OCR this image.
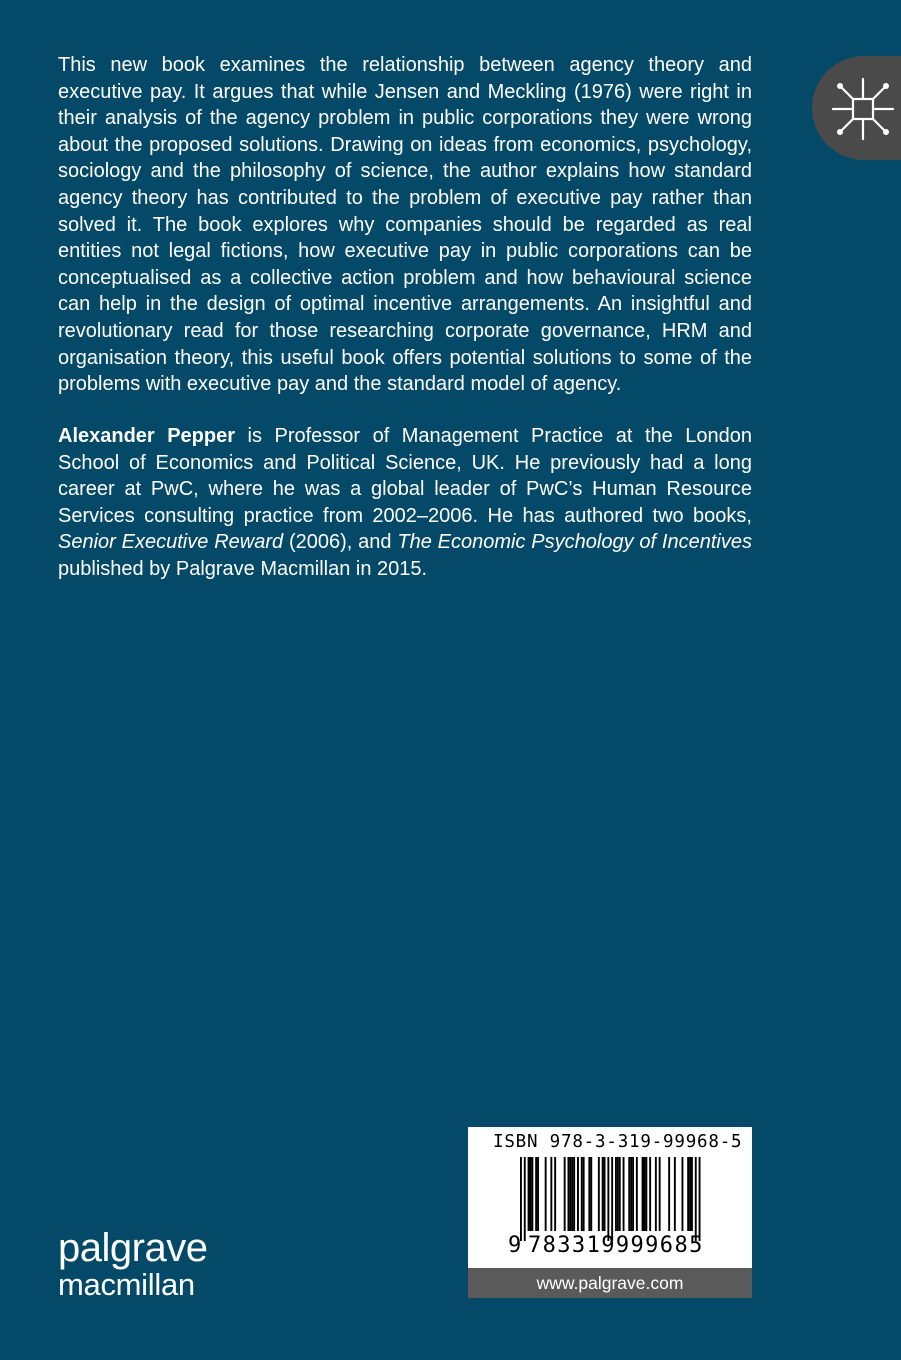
This new book examines the relationship between agency theory and executive pay. It argues that while Jensen and Meckling (1976) were right in their analysis of the agency problem in public corporations they were wrong about the proposed solutions. Drawing on ideas from economics, psychology, sociology and the philosophy of science, the author explains how standard agency theory has contributed to the problem of executive pay rather than solved it. The book explores why companies should be regarded as real entities not legal fictions, how executive pay in public corporations can be conceptualised as a collective action problem and how behavioural science can help in the design of optimal incentive arrangements. An insightful and revolutionary read for those researching corporate governance, HRM and organisation theory, this useful book offers potential solutions to some of the problems with executive pay and the standard model of agency.

Alexander Pepper is Professor of Management Practice at the London School of Economics and Political Science, UK. He previously had a long career at PwC, where he was a global leader of PwC’s Human Resource Services consulting practice from 2002–2006. He has authored two books, Senior Executive Reward (2006), and The Economic Psychology of Incentives published by Palgrave Macmillan in 2015.

palgrave
macmillan
ISBN 978-3-319-99968-5
9 783319999685
www.palgrave.com
